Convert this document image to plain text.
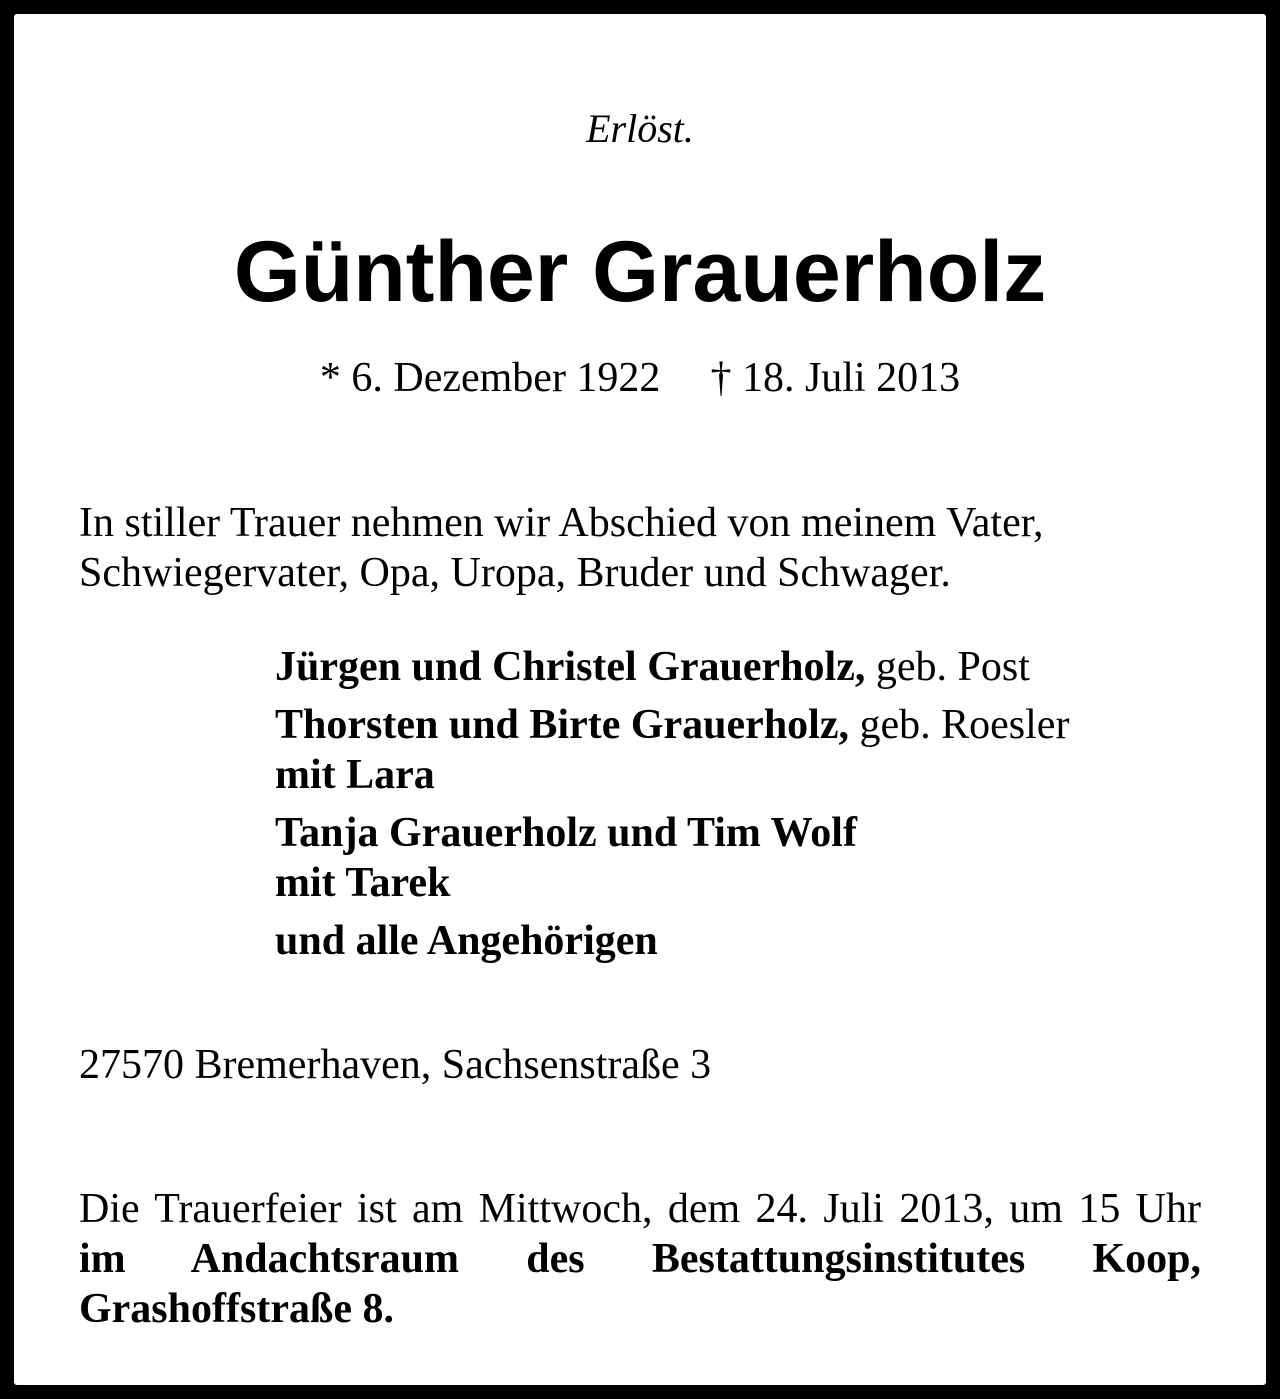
Erlöst.

Günther Grauerholz

* 6. Dezember 1922 † 18. Juli 2013

In stiller Trauer nehmen wir Abschied von meinem Vater,

Schwiegervater, Opa, Uropa, Bruder und Schwager.

Jürgen und Christel Grauerholz, geb. Post
Thorsten und Birte Grauerholz, geb. Roesler
mit Lara
Tanja Grauerholz und Tim Wolf
mit Tarek
und alle Angehörigen

27570 Bremerhaven, Sachsenstraße 3

Die Trauerfeier ist am Mittwoch, dem 24. Juli 2013, um 15 Uhr im Andachtsraum des Bestattungsinstitutes Koop, Grashoffstraße 8.
